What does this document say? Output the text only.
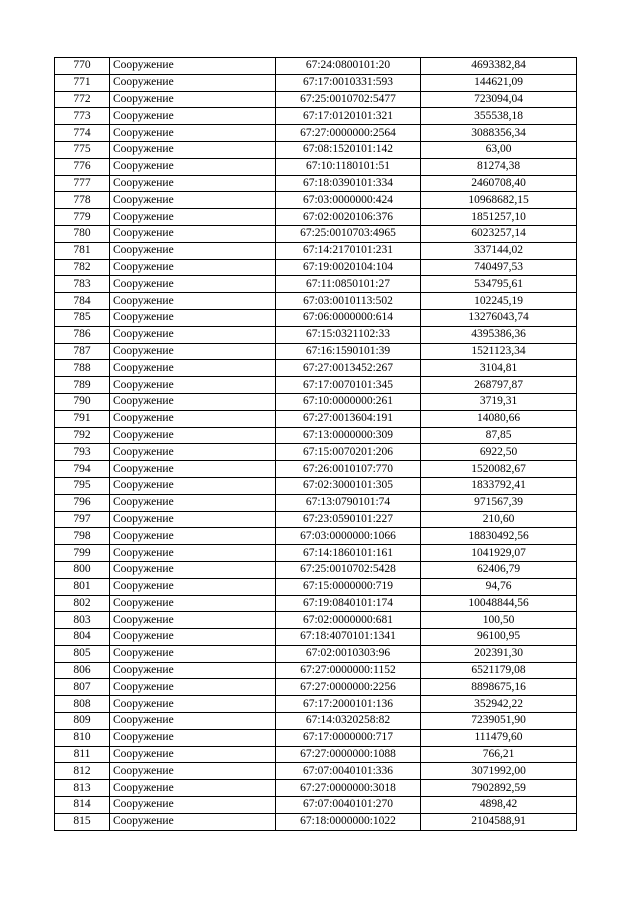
770	Сооружение	67:24:0800101:20	4693382,84
771	Сооружение	67:17:0010331:593	144621,09
772	Сооружение	67:25:0010702:5477	723094,04
773	Сооружение	67:17:0120101:321	355538,18
774	Сооружение	67:27:0000000:2564	3088356,34
775	Сооружение	67:08:1520101:142	63,00
776	Сооружение	67:10:1180101:51	81274,38
777	Сооружение	67:18:0390101:334	2460708,40
778	Сооружение	67:03:0000000:424	10968682,15
779	Сооружение	67:02:0020106:376	1851257,10
780	Сооружение	67:25:0010703:4965	6023257,14
781	Сооружение	67:14:2170101:231	337144,02
782	Сооружение	67:19:0020104:104	740497,53
783	Сооружение	67:11:0850101:27	534795,61
784	Сооружение	67:03:0010113:502	102245,19
785	Сооружение	67:06:0000000:614	13276043,74
786	Сооружение	67:15:0321102:33	4395386,36
787	Сооружение	67:16:1590101:39	1521123,34
788	Сооружение	67:27:0013452:267	3104,81
789	Сооружение	67:17:0070101:345	268797,87
790	Сооружение	67:10:0000000:261	3719,31
791	Сооружение	67:27:0013604:191	14080,66
792	Сооружение	67:13:0000000:309	87,85
793	Сооружение	67:15:0070201:206	6922,50
794	Сооружение	67:26:0010107:770	1520082,67
795	Сооружение	67:02:3000101:305	1833792,41
796	Сооружение	67:13:0790101:74	971567,39
797	Сооружение	67:23:0590101:227	210,60
798	Сооружение	67:03:0000000:1066	18830492,56
799	Сооружение	67:14:1860101:161	1041929,07
800	Сооружение	67:25:0010702:5428	62406,79
801	Сооружение	67:15:0000000:719	94,76
802	Сооружение	67:19:0840101:174	10048844,56
803	Сооружение	67:02:0000000:681	100,50
804	Сооружение	67:18:4070101:1341	96100,95
805	Сооружение	67:02:0010303:96	202391,30
806	Сооружение	67:27:0000000:1152	6521179,08
807	Сооружение	67:27:0000000:2256	8898675,16
808	Сооружение	67:17:2000101:136	352942,22
809	Сооружение	67:14:0320258:82	7239051,90
810	Сооружение	67:17:0000000:717	111479,60
811	Сооружение	67:27:0000000:1088	766,21
812	Сооружение	67:07:0040101:336	3071992,00
813	Сооружение	67:27:0000000:3018	7902892,59
814	Сооружение	67:07:0040101:270	4898,42
815	Сооружение	67:18:0000000:1022	2104588,91
